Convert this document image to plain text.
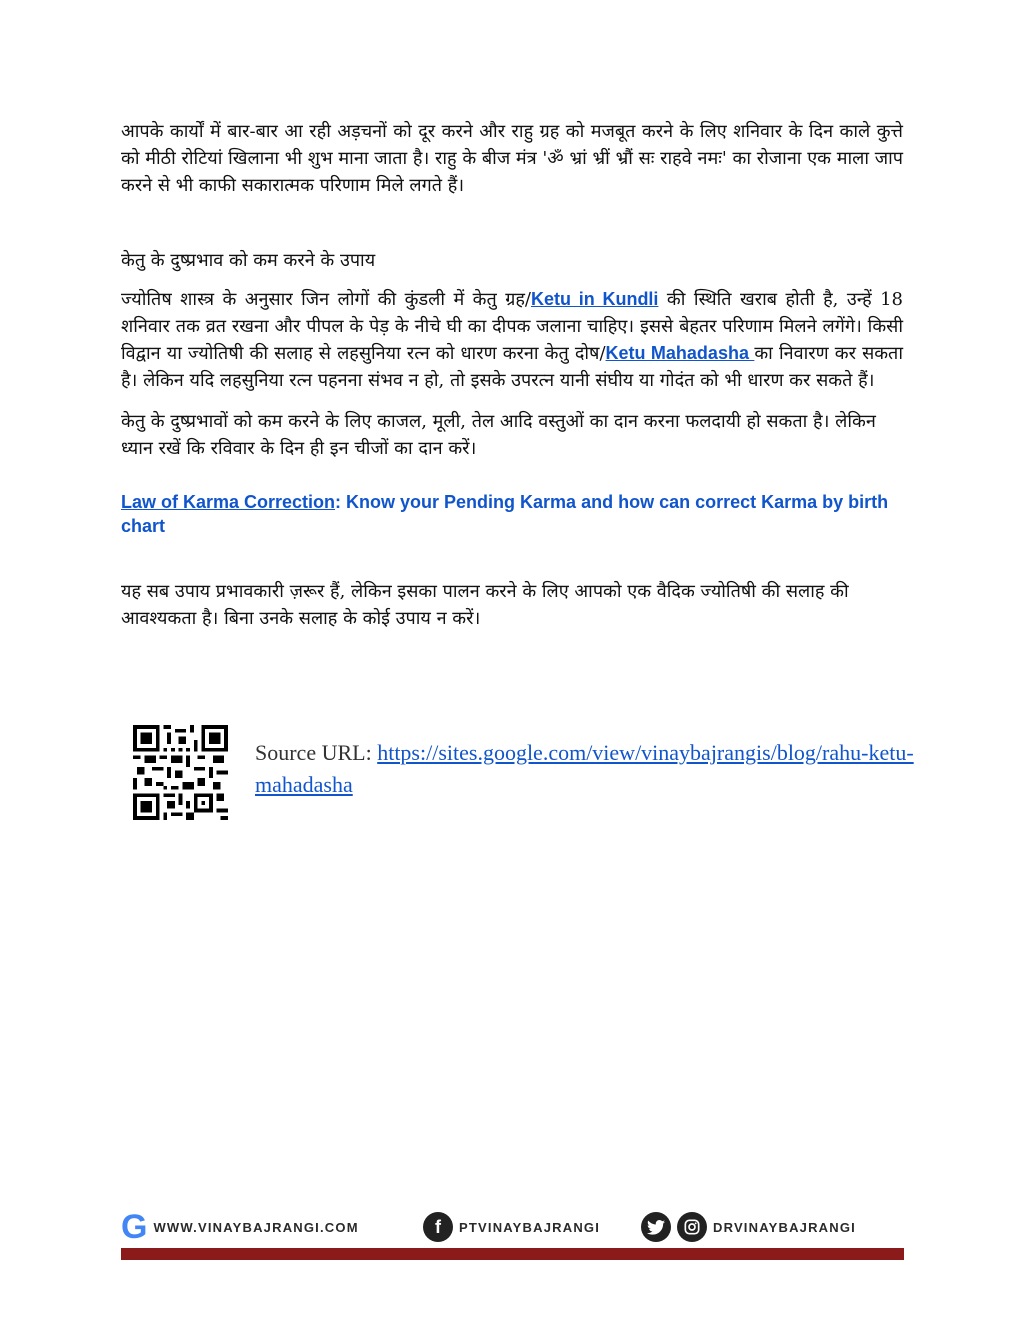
आपके कार्यों में बार-बार आ रही अड़चनों को दूर करने और राहु ग्रह को मजबूत करने के लिए शनिवार के दिन काले कुत्ते को मीठी रोटियां खिलाना भी शुभ माना जाता है। राहु के बीज मंत्र 'ॐ भ्रां भ्रीं भ्रौं सः राहवे नमः' का रोजाना एक माला जाप करने से भी काफी सकारात्मक परिणाम मिले लगते हैं।

केतु के दुष्प्रभाव को कम करने के उपाय

ज्योतिष शास्त्र के अनुसार जिन लोगों की कुंडली में केतु ग्रह/Ketu in Kundli की स्थिति खराब होती है, उन्हें 18 शनिवार तक व्रत रखना और पीपल के पेड़ के नीचे घी का दीपक जलाना चाहिए। इससे बेहतर परिणाम मिलने लगेंगे। किसी विद्वान या ज्योतिषी की सलाह से लहसुनिया रत्न को धारण करना केतु दोष/Ketu Mahadasha का निवारण कर सकता है। लेकिन यदि लहसुनिया रत्न पहनना संभव न हो, तो इसके उपरत्न यानी संघीय या गोदंत को भी धारण कर सकते हैं।

केतु के दुष्प्रभावों को कम करने के लिए काजल, मूली, तेल आदि वस्तुओं का दान करना फलदायी हो सकता है। लेकिन ध्यान रखें कि रविवार के दिन ही इन चीजों का दान करें।

Law of Karma Correction: Know your Pending Karma and how can correct Karma by birth chart

यह सब उपाय प्रभावकारी ज़रूर हैं, लेकिन इसका पालन करने के लिए आपको एक वैदिक ज्योतिषी की सलाह की आवश्यकता है। बिना उनके सलाह के कोई उपाय न करें।

Source URL: https://sites.google.com/view/vinaybajrangis/blog/rahu-ketu-mahadasha
G WWW.VINAYBAJRANGI.COM	f	PTVINAYBAJRANGI	DRVINAYBAJRANGI
